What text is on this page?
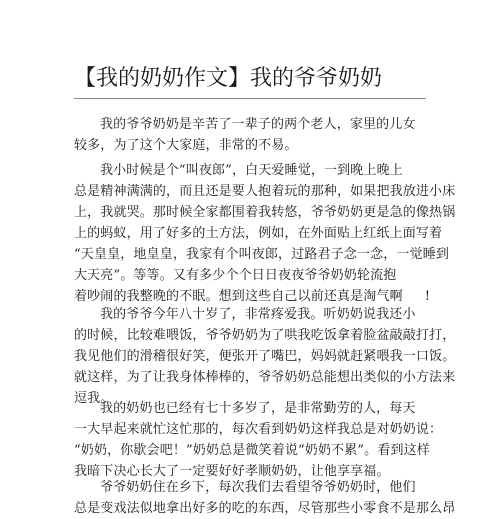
【我的奶奶作文】我的爷爷奶奶
我的爷爷奶奶是辛苦了一辈子的两个老人，家里的儿女
较多，为了这个大家庭，非常的不易。
我小时候是个“叫夜郎”，白天爱睡觉，一到晚上晚上
总是精神满满的，而且还是要人抱着玩的那种，如果把我放进小床
上，我就哭。那时候全家都围着我转悠，爷爷奶奶更是急的像热锅
上的蚂蚁，用了好多的土方法，例如，在外面贴上红纸上面写着
“天皇皇，地皇皇，我家有个叫夜郎，过路君子念一念，一觉睡到
大天亮”。等等。又有多少个个日日夜夜爷爷奶奶轮流抱
着吵闹的我整晚的不眠。想到这些自己以前还真是淘气啊 !
我的爷爷今年八十岁了，非常疼爱我。听奶奶说我还小
的时候，比较难喂饭，爷爷奶奶为了哄我吃饭拿着脸盆敲敲打打，
我见他们的滑稽很好笑，便张开了嘴巴，妈妈就赶紧喂我一口饭。
就这样，为了让我身体棒棒的，爷爷奶奶总能想出类似的小方法来
逗我。
我的奶奶也已经有七十多岁了，是非常勤劳的人，每天
一大早起来就忙这忙那的，每次看到奶奶这样我总是对奶奶说：
“奶奶，你歇会吧！”奶奶总是微笑着说“奶奶不累”。看到这样
我暗下决心长大了一定要好好孝顺奶奶，让他享享福。
爷爷奶奶住在乡下，每次我们去看望爷爷奶奶时，他们
总是变戏法似地拿出好多的吃的东西，尽管那些小零食不是那么昂
